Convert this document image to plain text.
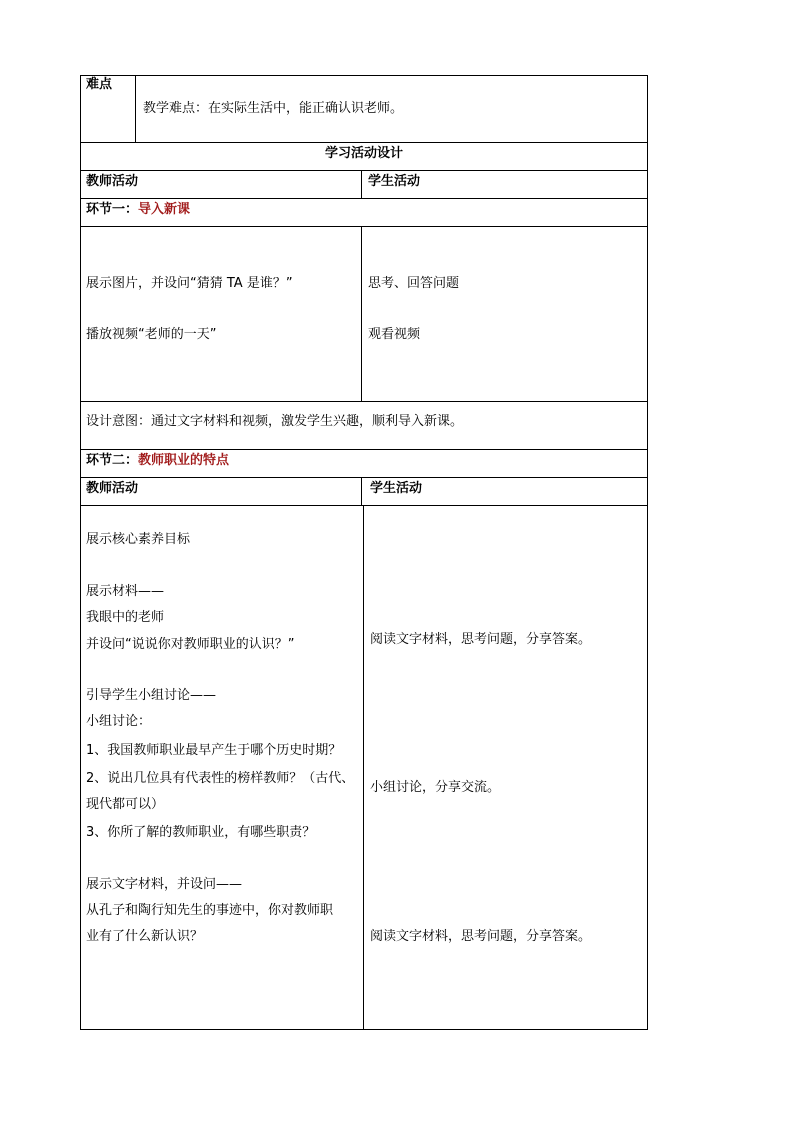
难点
教学难点：在实际生活中，能正确认识老师。
学习活动设计
教师活动	学生活动
环节一：导入新课
展示图片，并设问“猜猜 TA 是谁？”
播放视频“老师的一天”
思考、回答问题
观看视频
设计意图：通过文字材料和视频，激发学生兴趣，顺利导入新课。
环节二：教师职业的特点
教师活动	学生活动
展示核心素养目标
展示材料——
我眼中的老师
并设问“说说你对教师职业的认识？”
引导学生小组讨论——
小组讨论：
1、我国教师职业最早产生于哪个历史时期？
2、说出几位具有代表性的榜样教师？（古代、
现代都可以）
3、你所了解的教师职业，有哪些职责？
展示文字材料，并设问——
从孔子和陶行知先生的事迹中，你对教师职
业有了什么新认识？
阅读文字材料，思考问题，分享答案。
小组讨论，分享交流。
阅读文字材料，思考问题，分享答案。
